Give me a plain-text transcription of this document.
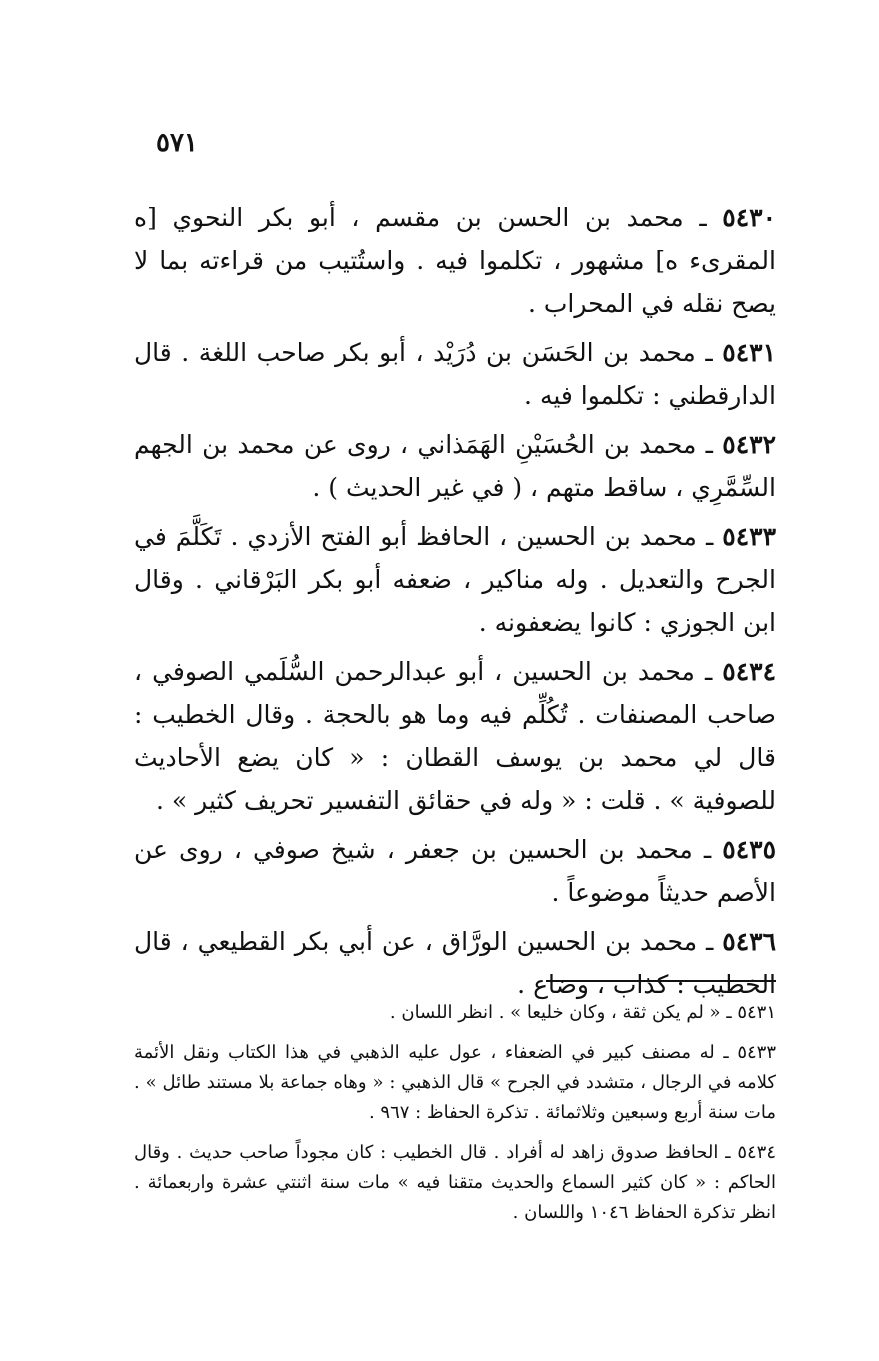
٥٧١

٥٤٣٠ ـ محمد بن الحسن بن مقسم ، أبو بكر النحوي [ه المقرىء ه] مشهور ، تكلموا فيه . واستُتيب من قراءته بما لا يصح نقله في المحراب .

٥٤٣١ ـ محمد بن الحَسَن بن دُرَيْد ، أبو بكر صاحب اللغة . قال الدارقطني : تكلموا فيه .

٥٤٣٢ ـ محمد بن الحُسَيْنِ الهَمَذاني ، روى عن محمد بن الجهم السِّمَّرِي ، ساقط متهم ، ( في غير الحديث ) .

٥٤٣٣ ـ محمد بن الحسين ، الحافظ أبو الفتح الأزدي . تَكَلَّمَ في الجرح والتعديل . وله مناكير ، ضعفه أبو بكر البَرْقاني . وقال ابن الجوزي : كانوا يضعفونه .

٥٤٣٤ ـ محمد بن الحسين ، أبو عبدالرحمن السُّلَمي الصوفي ، صاحب المصنفات . تُكُلِّم فيه وما هو بالحجة . وقال الخطيب : قال لي محمد بن يوسف القطان : « كان يضع الأحاديث للصوفية » . قلت : « وله في حقائق التفسير تحريف كثير » .

٥٤٣٥ ـ محمد بن الحسين بن جعفر ، شيخ صوفي ، روى عن الأصم حديثاً موضوعاً .

٥٤٣٦ ـ محمد بن الحسين الورَّاق ، عن أبي بكر القطيعي ، قال الخطيب : كذاب ، وضاع .

٥٤٣١ ـ « لم يكن ثقة ، وكان خليعا » . انظر اللسان .

٥٤٣٣ ـ له مصنف كبير في الضعفاء ، عول عليه الذهبي في هذا الكتاب ونقل الأئمة كلامه في الرجال ، متشدد في الجرح » قال الذهبي : « وهاه جماعة بلا مستند طائل » . مات سنة أربع وسبعين وثلاثمائة . تذكرة الحفاظ : ٩٦٧ .

٥٤٣٤ ـ الحافظ صدوق زاهد له أفراد . قال الخطيب : كان مجوداً صاحب حديث . وقال الحاكم : « كان كثير السماع والحديث متقنا فيه » مات سنة اثنتي عشرة واربعمائة . انظر تذكرة الحفاظ ١٠٤٦ واللسان .
